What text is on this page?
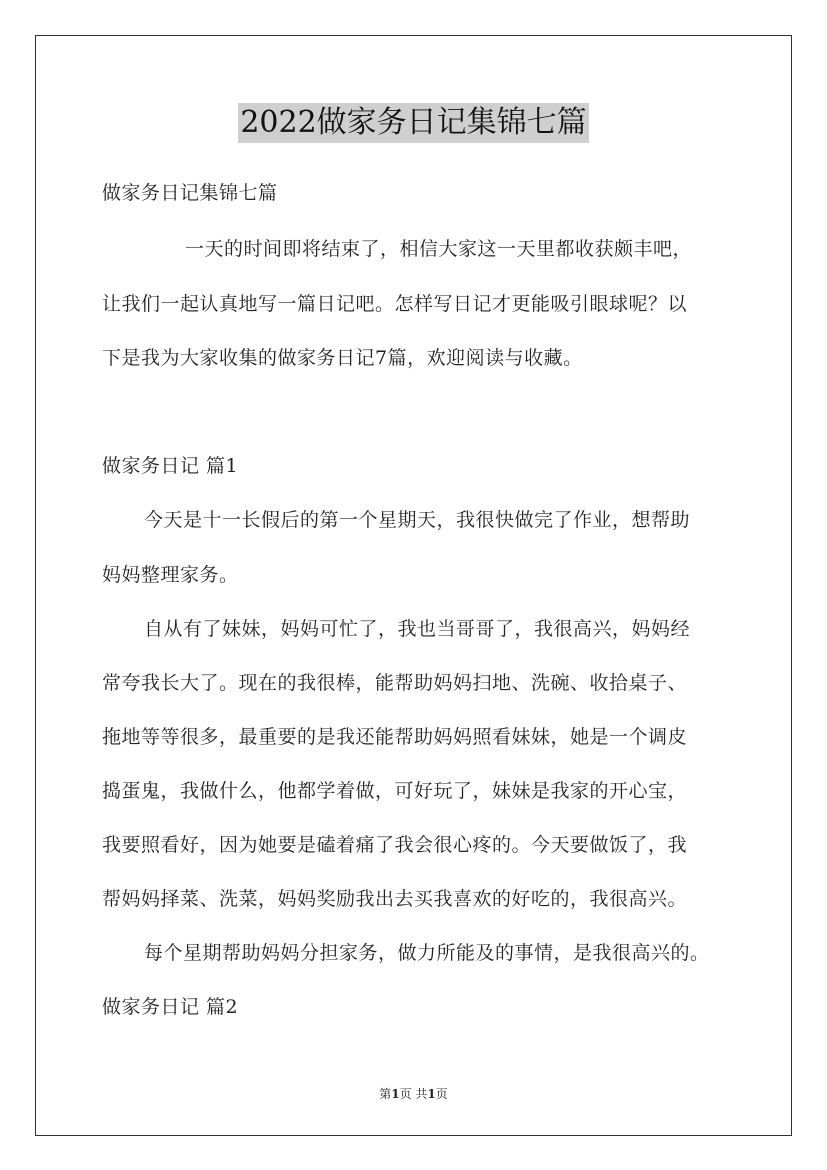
2022做家务日记集锦七篇
做家务日记集锦七篇
一天的时间即将结束了，相信大家这一天里都收获颇丰吧，
让我们一起认真地写一篇日记吧。怎样写日记才更能吸引眼球呢？以
下是我为大家收集的做家务日记7篇，欢迎阅读与收藏。
做家务日记 篇1
今天是十一长假后的第一个星期天，我很快做完了作业，想帮助
妈妈整理家务。
自从有了妹妹，妈妈可忙了，我也当哥哥了，我很高兴，妈妈经
常夸我长大了。现在的我很棒，能帮助妈妈扫地、洗碗、收拾桌子、
拖地等等很多，最重要的是我还能帮助妈妈照看妹妹，她是一个调皮
捣蛋鬼，我做什么，他都学着做，可好玩了，妹妹是我家的开心宝，
我要照看好，因为她要是磕着痛了我会很心疼的。今天要做饭了，我
帮妈妈择菜、洗菜，妈妈奖励我出去买我喜欢的好吃的，我很高兴。
每个星期帮助妈妈分担家务，做力所能及的事情，是我很高兴的。
做家务日记 篇2
第1页 共1页
